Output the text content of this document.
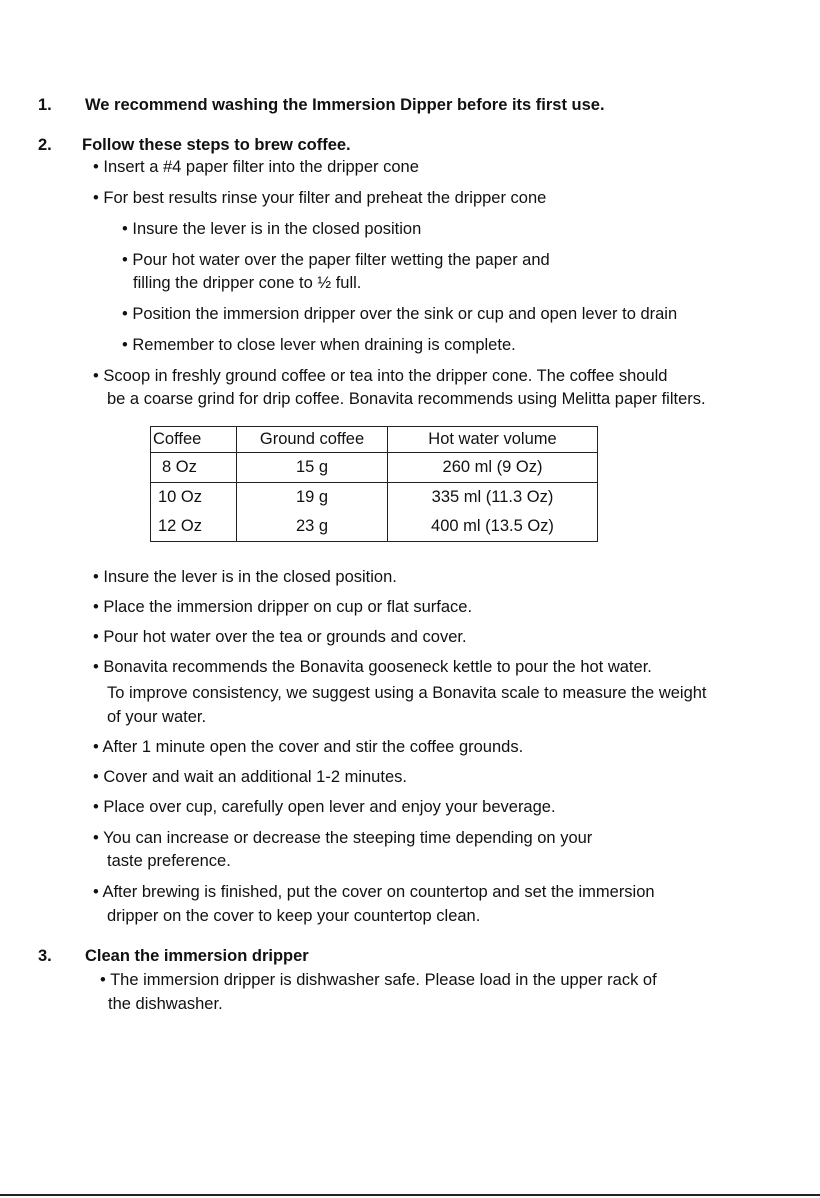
1. We recommend washing the Immersion Dipper before its first use.
2. Follow these steps to brew coffee.
• Insert a #4 paper filter into the dripper cone
• For best results rinse your filter and preheat the dripper cone
• Insure the lever is in the closed position
• Pour hot water over the paper filter wetting the paper and
filling the dripper cone to ½ full.
• Position the immersion dripper over the sink or cup and open lever to drain
• Remember to close lever when draining is complete.
• Scoop in freshly ground coffee or tea into the dripper cone. The coffee should
be a coarse grind for drip coffee. Bonavita recommends using Melitta paper filters.
Coffee	Ground coffee	Hot water volume
8 Oz	15 g	260 ml (9 Oz)
10 Oz	19 g	335 ml (11.3 Oz)
12 Oz	23 g	400 ml (13.5 Oz)
• Insure the lever is in the closed position.
• Place the immersion dripper on cup or flat surface.
• Pour hot water over the tea or grounds and cover.
• Bonavita recommends the Bonavita gooseneck kettle to pour the hot water.
To improve consistency, we suggest using a Bonavita scale to measure the weight
of your water.
• After 1 minute open the cover and stir the coffee grounds.
• Cover and wait an additional 1-2 minutes.
• Place over cup, carefully open lever and enjoy your beverage.
• You can increase or decrease the steeping time depending on your
taste preference.
• After brewing is finished, put the cover on countertop and set the immersion
dripper on the cover to keep your countertop clean.
3. Clean the immersion dripper
• The immersion dripper is dishwasher safe. Please load in the upper rack of
the dishwasher.
